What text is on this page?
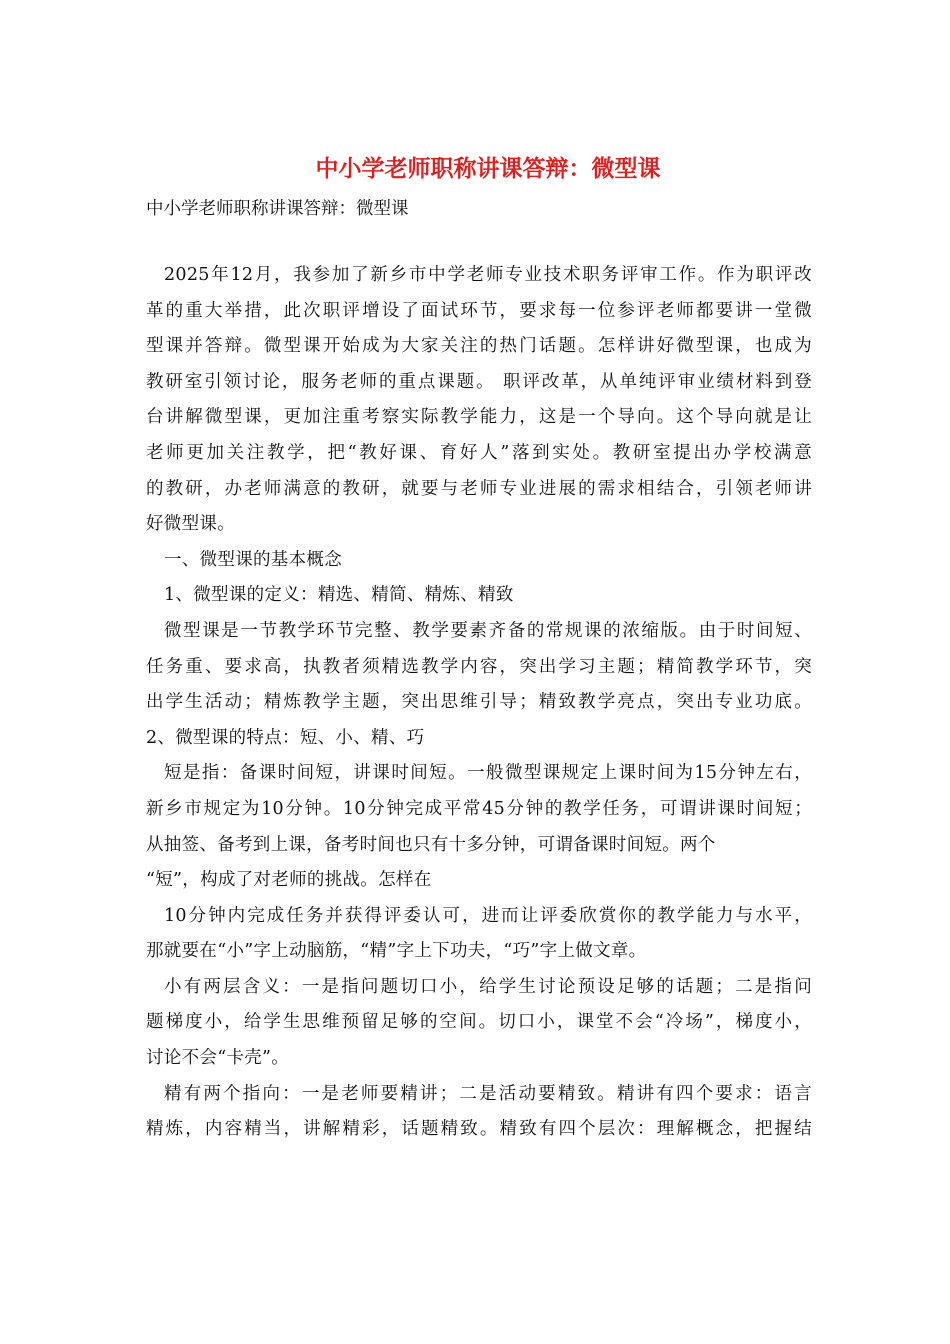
中小学老师职称讲课答辩：微型课

中小学老师职称讲课答辩：微型课

2025年12月，我参加了新乡市中学老师专业技术职务评审工作。作为职评改

革的重大举措，此次职评增设了面试环节，要求每一位参评老师都要讲一堂微

型课并答辩。微型课开始成为大家关注的热门话题。怎样讲好微型课，也成为

教研室引领讨论，服务老师的重点课题。 职评改革，从单纯评审业绩材料到登

台讲解微型课，更加注重考察实际教学能力，这是一个导向。这个导向就是让

老师更加关注教学，把“教好课、育好人”落到实处。教研室提出办学校满意

的教研，办老师满意的教研，就要与老师专业进展的需求相结合，引领老师讲

好微型课。

一、微型课的基本概念

1、微型课的定义：精选、精简、精炼、精致

微型课是一节教学环节完整、教学要素齐备的常规课的浓缩版。由于时间短、

任务重、要求高，执教者须精选教学内容，突出学习主题；精简教学环节，突

出学生活动；精炼教学主题，突出思维引导；精致教学亮点，突出专业功底。

2、微型课的特点：短、小、精、巧

短是指：备课时间短，讲课时间短。一般微型课规定上课时间为15分钟左右，

新乡市规定为10分钟。10分钟完成平常45分钟的教学任务，可谓讲课时间短；

从抽签、备考到上课，备考时间也只有十多分钟，可谓备课时间短。两个

“短”，构成了对老师的挑战。怎样在

10分钟内完成任务并获得评委认可，进而让评委欣赏你的教学能力与水平，

那就要在“小”字上动脑筋，“精”字上下功夫，“巧”字上做文章。

小有两层含义：一是指问题切口小，给学生讨论预设足够的话题；二是指问

题梯度小，给学生思维预留足够的空间。切口小，课堂不会“冷场”，梯度小，

讨论不会“卡壳”。

精有两个指向：一是老师要精讲；二是活动要精致。精讲有四个要求：语言

精炼，内容精当，讲解精彩，话题精致。精致有四个层次：理解概念，把握结
